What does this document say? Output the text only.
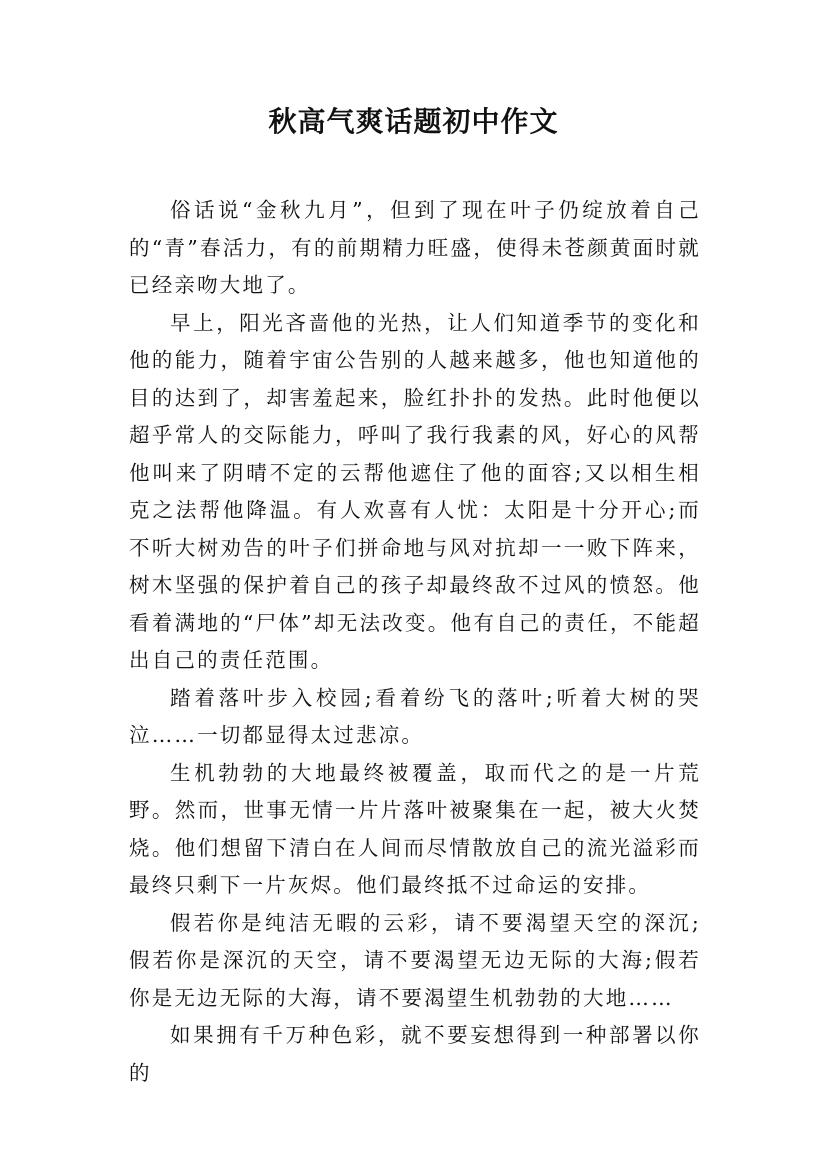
秋高气爽话题初中作文

俗话说“金秋九月”，但到了现在叶子仍绽放着自己的“青”春活力，有的前期精力旺盛，使得未苍颜黄面时就已经亲吻大地了。

早上，阳光吝啬他的光热，让人们知道季节的变化和他的能力，随着宇宙公告别的人越来越多，他也知道他的目的达到了，却害羞起来，脸红扑扑的发热。此时他便以超乎常人的交际能力，呼叫了我行我素的风，好心的风帮他叫来了阴晴不定的云帮他遮住了他的面容;又以相生相克之法帮他降温。有人欢喜有人忧：太阳是十分开心;而不听大树劝告的叶子们拼命地与风对抗却一一败下阵来，树木坚强的保护着自己的孩子却最终敌不过风的愤怒。他看着满地的“尸体”却无法改变。他有自己的责任，不能超出自己的责任范围。

踏着落叶步入校园;看着纷飞的落叶;听着大树的哭泣……一切都显得太过悲凉。

生机勃勃的大地最终被覆盖，取而代之的是一片荒野。然而，世事无情一片片落叶被聚集在一起，被大火焚烧。他们想留下清白在人间而尽情散放自己的流光溢彩而最终只剩下一片灰烬。他们最终抵不过命运的安排。

假若你是纯洁无暇的云彩，请不要渴望天空的深沉;假若你是深沉的天空，请不要渴望无边无际的大海;假若你是无边无际的大海，请不要渴望生机勃勃的大地……

如果拥有千万种色彩，就不要妄想得到一种部署以你的
